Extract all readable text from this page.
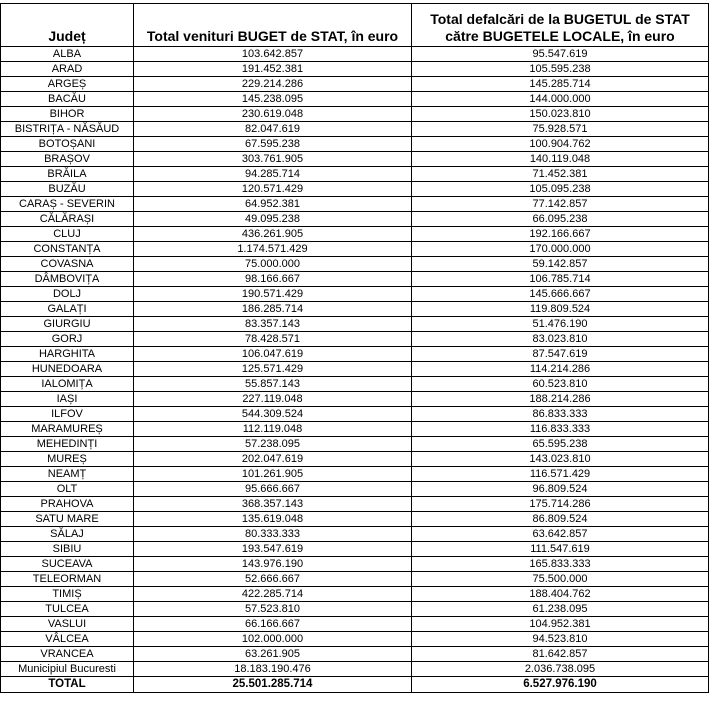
Județ	Total venituri BUGET de STAT, în euro	Total defalcări de la BUGETUL de STAT către BUGETELE LOCALE, în euro
ALBA	103.642.857	95.547.619
ARAD	191.452.381	105.595.238
ARGEȘ	229.214.286	145.285.714
BACĂU	145.238.095	144.000.000
BIHOR	230.619.048	150.023.810
BISTRIȚA - NĂSĂUD	82.047.619	75.928.571
BOTOȘANI	67.595.238	100.904.762
BRAȘOV	303.761.905	140.119.048
BRĂILA	94.285.714	71.452.381
BUZĂU	120.571.429	105.095.238
CARAȘ - SEVERIN	64.952.381	77.142.857
CĂLĂRAȘI	49.095.238	66.095.238
CLUJ	436.261.905	192.166.667
CONSTANȚA	1.174.571.429	170.000.000
COVASNA	75.000.000	59.142.857
DÂMBOVIȚA	98.166.667	106.785.714
DOLJ	190.571.429	145.666.667
GALAȚI	186.285.714	119.809.524
GIURGIU	83.357.143	51.476.190
GORJ	78.428.571	83.023.810
HARGHITA	106.047.619	87.547.619
HUNEDOARA	125.571.429	114.214.286
IALOMIȚA	55.857.143	60.523.810
IAȘI	227.119.048	188.214.286
ILFOV	544.309.524	86.833.333
MARAMUREȘ	112.119.048	116.833.333
MEHEDINȚI	57.238.095	65.595.238
MUREȘ	202.047.619	143.023.810
NEAMȚ	101.261.905	116.571.429
OLT	95.666.667	96.809.524
PRAHOVA	368.357.143	175.714.286
SATU MARE	135.619.048	86.809.524
SĂLAJ	80.333.333	63.642.857
SIBIU	193.547.619	111.547.619
SUCEAVA	143.976.190	165.833.333
TELEORMAN	52.666.667	75.500.000
TIMIȘ	422.285.714	188.404.762
TULCEA	57.523.810	61.238.095
VASLUI	66.166.667	104.952.381
VÂLCEA	102.000.000	94.523.810
VRANCEA	63.261.905	81.642.857
Municipiul Bucuresti	18.183.190.476	2.036.738.095
TOTAL	25.501.285.714	6.527.976.190
